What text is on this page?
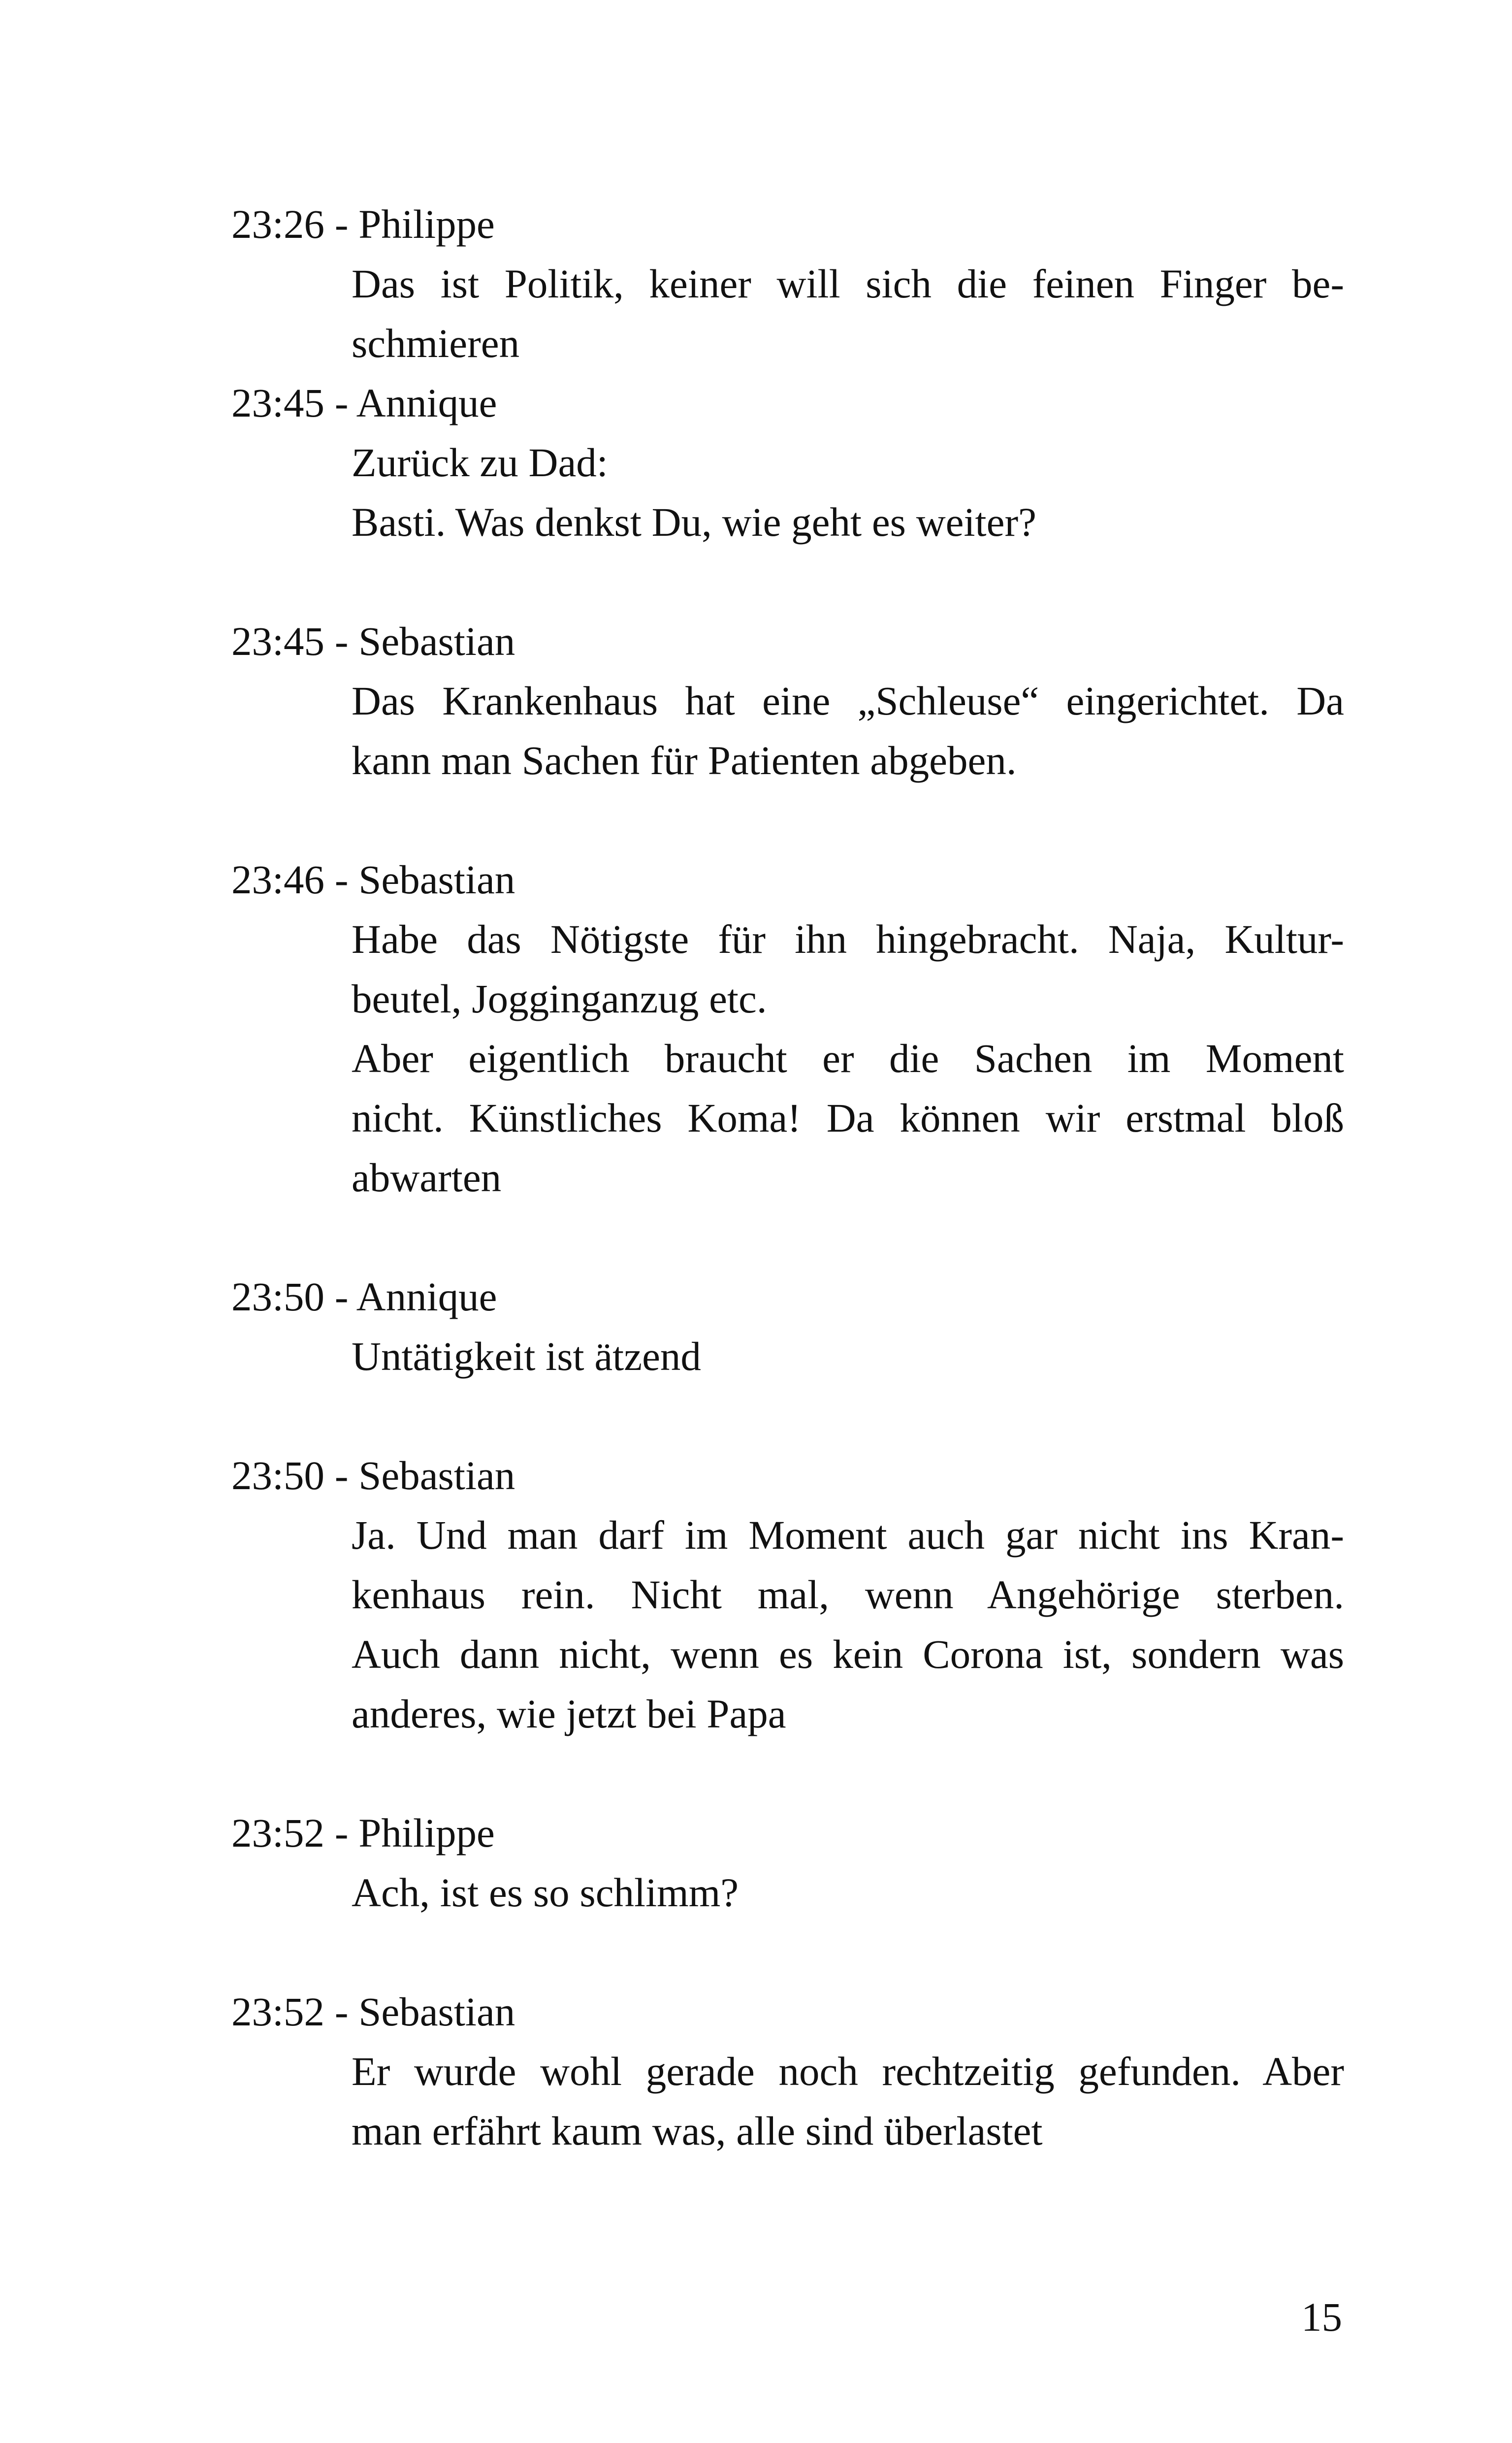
23:26 - Philippe
Das ist Politik, keiner will sich die feinen Finger be-
schmieren
23:45 - Annique
Zurück zu Dad:
Basti. Was denkst Du, wie geht es weiter?
23:45 - Sebastian
Das Krankenhaus hat eine „Schleuse“ eingerichtet. Da
kann man Sachen für Patienten abgeben.
23:46 - Sebastian
Habe das Nötigste für ihn hingebracht. Naja, Kultur-
beutel, Jogginganzug etc.
Aber eigentlich braucht er die Sachen im Moment
nicht. Künstliches Koma! Da können wir erstmal bloß
abwarten
23:50 - Annique
Untätigkeit ist ätzend
23:50 - Sebastian
Ja. Und man darf im Moment auch gar nicht ins Kran-
kenhaus rein. Nicht mal, wenn Angehörige sterben.
Auch dann nicht, wenn es kein Corona ist, sondern was
anderes, wie jetzt bei Papa
23:52 - Philippe
Ach, ist es so schlimm?
23:52 - Sebastian
Er wurde wohl gerade noch rechtzeitig gefunden. Aber
man erfährt kaum was, alle sind überlastet
15
